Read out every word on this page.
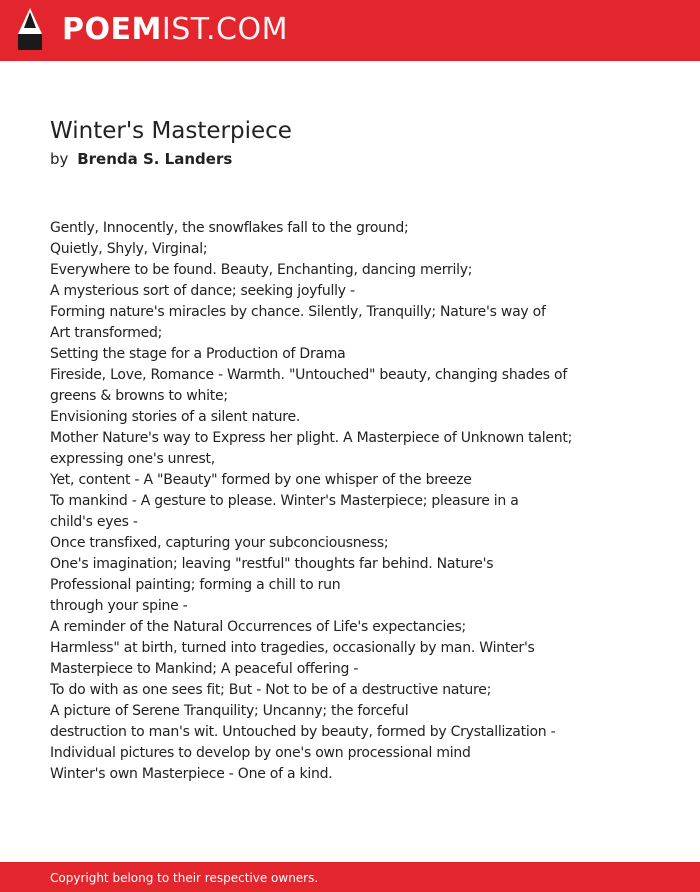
POEMIST.COM
Winter's Masterpiece
by Brenda S. Landers
Gently, Innocently, the snowflakes fall to the ground;
Quietly, Shyly, Virginal;
Everywhere to be found. Beauty, Enchanting, dancing merrily;
A mysterious sort of dance; seeking joyfully -
Forming nature's miracles by chance. Silently, Tranquilly; Nature's way of
Art transformed;
Setting the stage for a Production of Drama
Fireside, Love, Romance - Warmth. "Untouched" beauty, changing shades of
greens & browns to white;
Envisioning stories of a silent nature.
Mother Nature's way to Express her plight. A Masterpiece of Unknown talent;
expressing one's unrest,
Yet, content - A "Beauty" formed by one whisper of the breeze
To mankind - A gesture to please. Winter's Masterpiece; pleasure in a
child's eyes -
Once transfixed, capturing your subconciousness;
One's imagination; leaving "restful" thoughts far behind. Nature's
Professional painting; forming a chill to run
through your spine -
A reminder of the Natural Occurrences of Life's expectancies;
Harmless" at birth, turned into tragedies, occasionally by man. Winter's
Masterpiece to Mankind; A peaceful offering -
To do with as one sees fit; But - Not to be of a destructive nature;
A picture of Serene Tranquility; Uncanny; the forceful
destruction to man's wit. Untouched by beauty, formed by Crystallization -
Individual pictures to develop by one's own processional mind
Winter's own Masterpiece - One of a kind.
Copyright belong to their respective owners.
